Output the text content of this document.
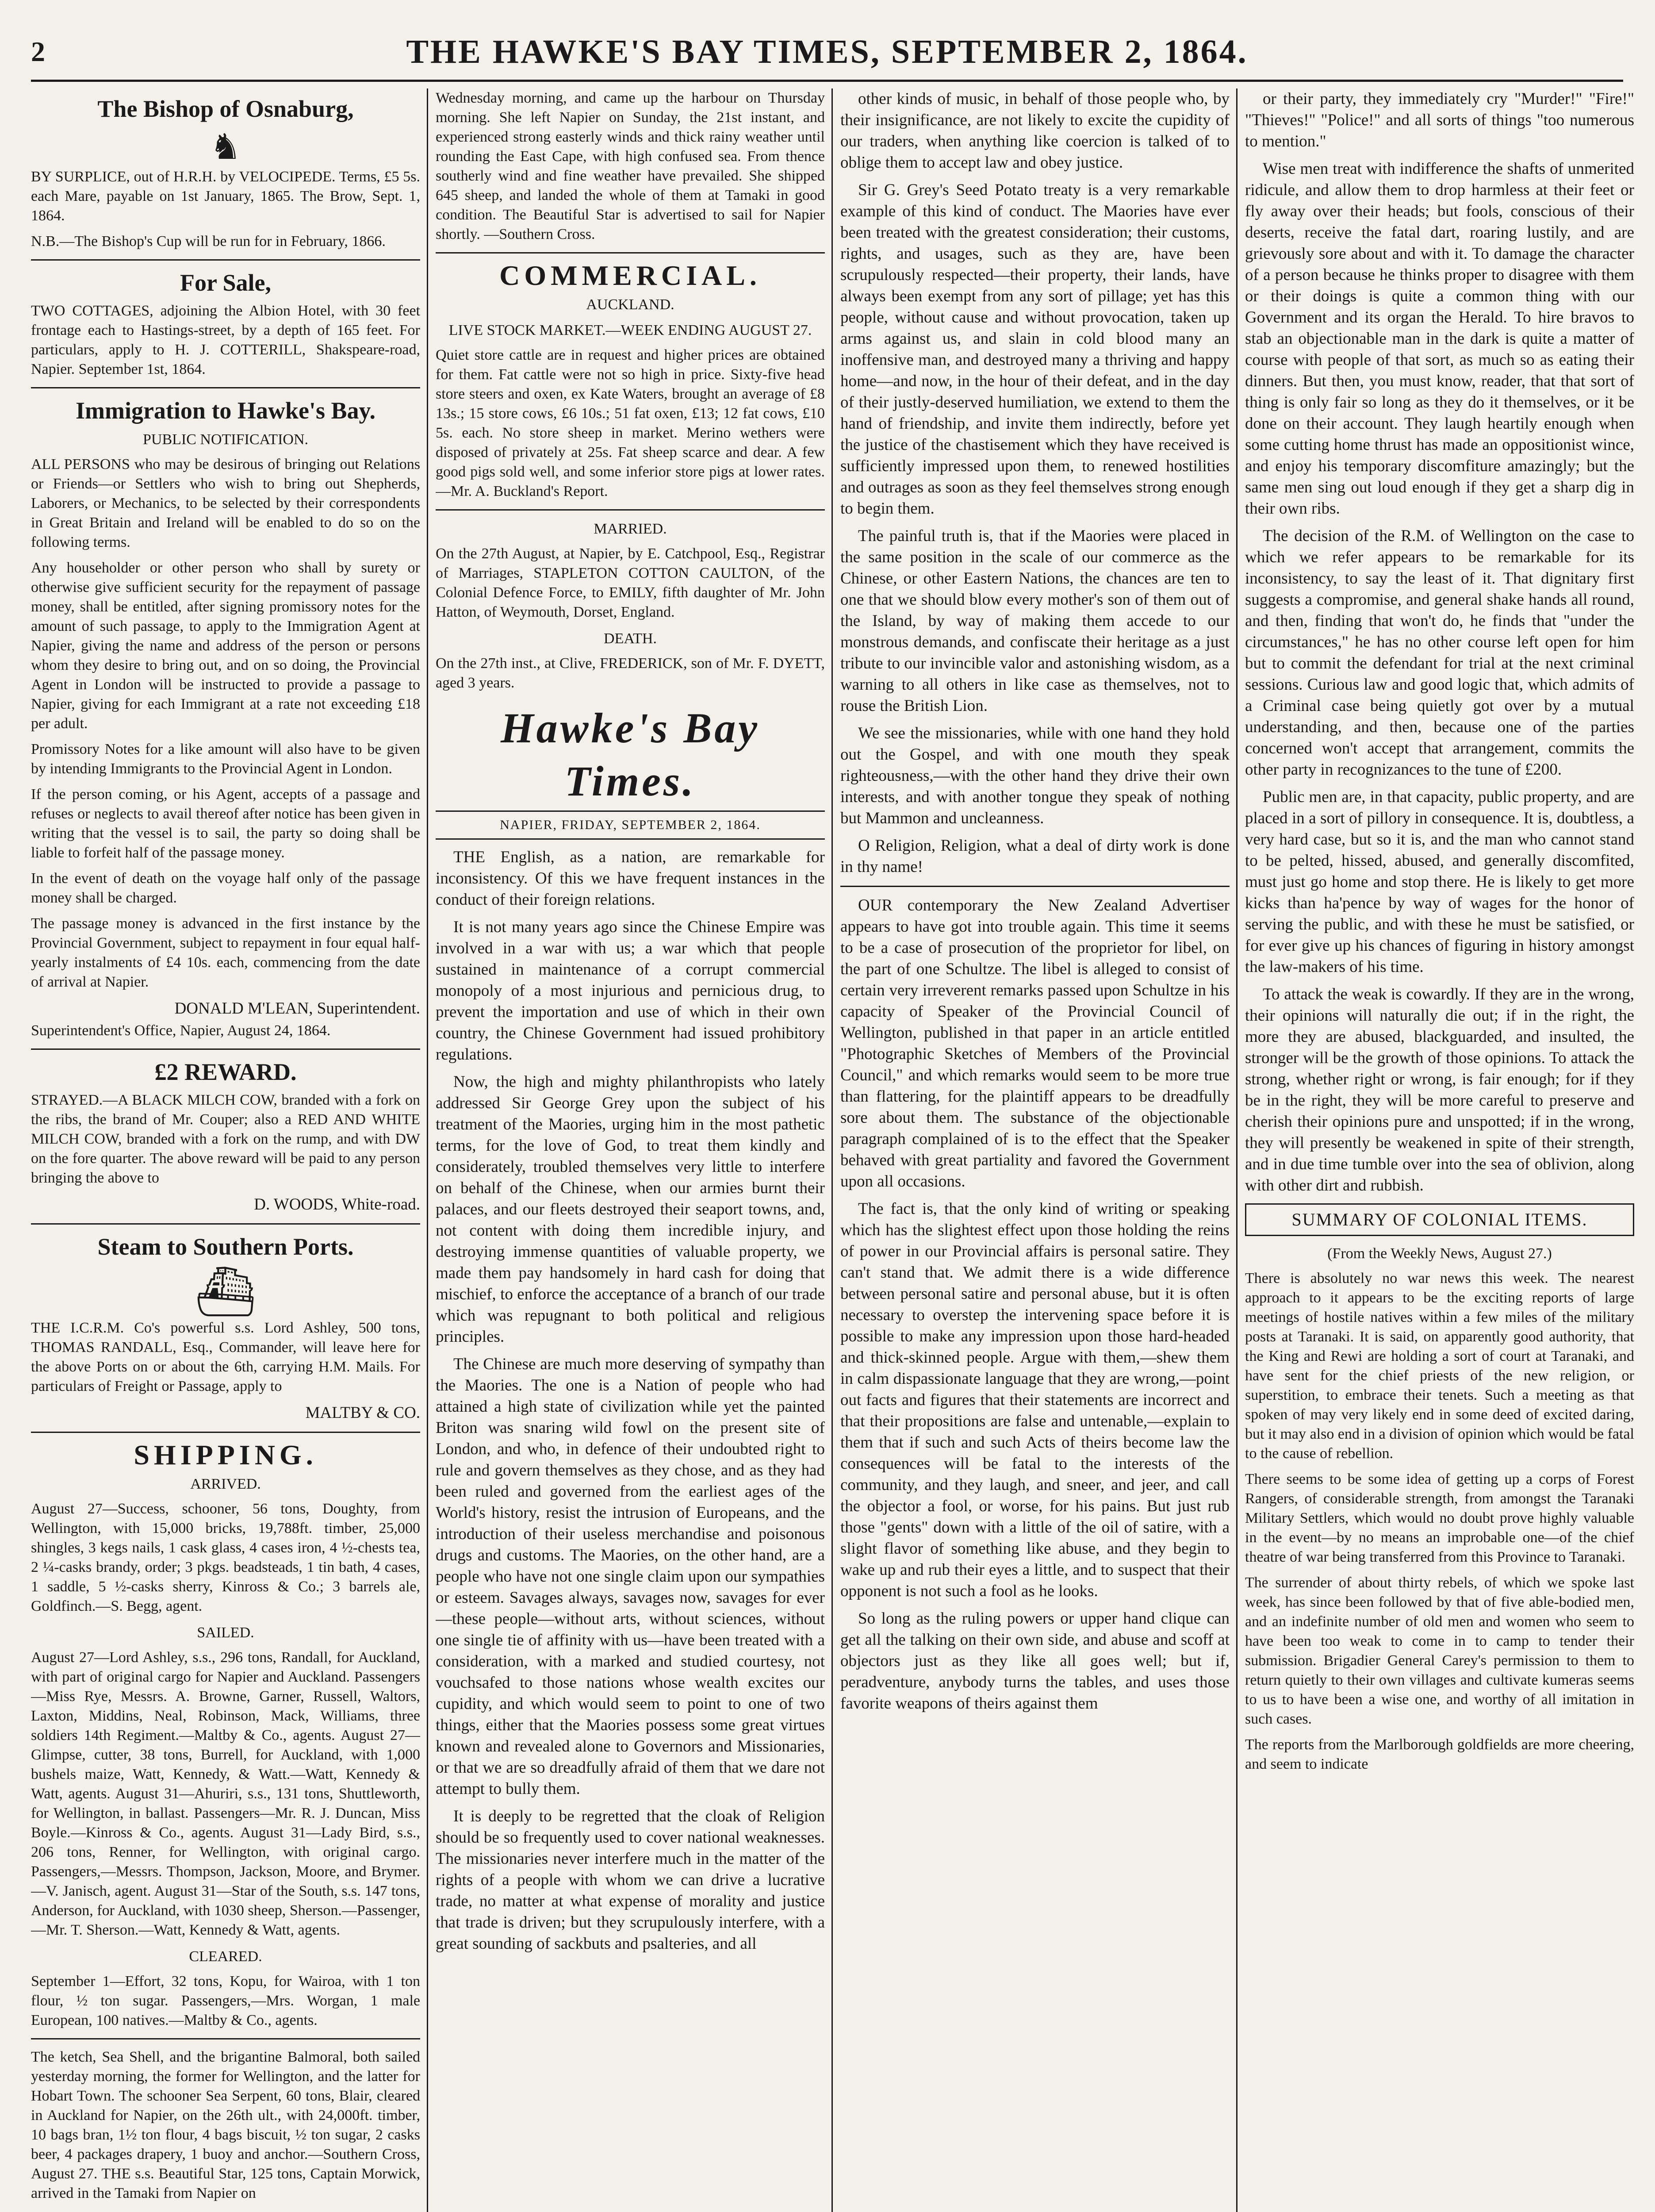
2	THE HAWKE'S BAY TIMES, SEPTEMBER 2, 1864.
The Bishop of Osnaburg,
♞

BY SURPLICE, out of H.R.H. by VELOCIPEDE. Terms, £5 5s. each Mare, payable on 1st January, 1865. The Brow, Sept. 1, 1864.

N.B.—The Bishop's Cup will be run for in February, 1866.

For Sale,

TWO COTTAGES, adjoining the Albion Hotel, with 30 feet frontage each to Hastings-street, by a depth of 165 feet. For particulars, apply to H. J. COTTERILL, Shakspeare-road, Napier. September 1st, 1864.

Immigration to Hawke's Bay.
PUBLIC NOTIFICATION.

ALL PERSONS who may be desirous of bringing out Relations or Friends—or Settlers who wish to bring out Shepherds, Laborers, or Mechanics, to be selected by their correspondents in Great Britain and Ireland will be enabled to do so on the following terms.

Any householder or other person who shall by surety or otherwise give sufficient security for the repayment of passage money, shall be entitled, after signing promissory notes for the amount of such passage, to apply to the Immigration Agent at Napier, giving the name and address of the person or persons whom they desire to bring out, and on so doing, the Provincial Agent in London will be instructed to provide a passage to Napier, giving for each Immigrant at a rate not exceeding £18 per adult.

Promissory Notes for a like amount will also have to be given by intending Immigrants to the Provincial Agent in London.

If the person coming, or his Agent, accepts of a passage and refuses or neglects to avail thereof after notice has been given in writing that the vessel is to sail, the party so doing shall be liable to forfeit half of the passage money.

In the event of death on the voyage half only of the passage money shall be charged.

The passage money is advanced in the first instance by the Provincial Government, subject to repayment in four equal half-yearly instalments of £4 10s. each, commencing from the date of arrival at Napier.

DONALD M'LEAN, Superintendent.

Superintendent's Office, Napier, August 24, 1864.

£2 REWARD.

STRAYED.—A BLACK MILCH COW, branded with a fork on the ribs, the brand of Mr. Couper; also a RED AND WHITE MILCH COW, branded with a fork on the rump, and with DW on the fore quarter. The above reward will be paid to any person bringing the above to

D. WOODS, White-road.
Steam to Southern Ports.
⛴

THE I.C.R.M. Co's powerful s.s. Lord Ashley, 500 tons, THOMAS RANDALL, Esq., Commander, will leave here for the above Ports on or about the 6th, carrying H.M. Mails. For particulars of Freight or Passage, apply to

MALTBY & CO.
SHIPPING.
ARRIVED.

August 27—Success, schooner, 56 tons, Doughty, from Wellington, with 15,000 bricks, 19,788ft. timber, 25,000 shingles, 3 kegs nails, 1 cask glass, 4 cases iron, 4 ½-chests tea, 2 ¼-casks brandy, order; 3 pkgs. beadsteads, 1 tin bath, 4 cases, 1 saddle, 5 ½-casks sherry, Kinross & Co.; 3 barrels ale, Goldfinch.—S. Begg, agent.

SAILED.

August 27—Lord Ashley, s.s., 296 tons, Randall, for Auckland, with part of original cargo for Napier and Auckland. Passengers—Miss Rye, Messrs. A. Browne, Garner, Russell, Waltors, Laxton, Middins, Neal, Robinson, Mack, Williams, three soldiers 14th Regiment.—Maltby & Co., agents. August 27—Glimpse, cutter, 38 tons, Burrell, for Auckland, with 1,000 bushels maize, Watt, Kennedy, & Watt.—Watt, Kennedy & Watt, agents. August 31—Ahuriri, s.s., 131 tons, Shuttleworth, for Wellington, in ballast. Passengers—Mr. R. J. Duncan, Miss Boyle.—Kinross & Co., agents. August 31—Lady Bird, s.s., 206 tons, Renner, for Wellington, with original cargo. Passengers,—Messrs. Thompson, Jackson, Moore, and Brymer.—V. Janisch, agent. August 31—Star of the South, s.s. 147 tons, Anderson, for Auckland, with 1030 sheep, Sherson.—Passenger,—Mr. T. Sherson.—Watt, Kennedy & Watt, agents.

CLEARED.

September 1—Effort, 32 tons, Kopu, for Wairoa, with 1 ton flour, ½ ton sugar. Passengers,—Mrs. Worgan, 1 male European, 100 natives.—Maltby & Co., agents.

The ketch, Sea Shell, and the brigantine Balmoral, both sailed yesterday morning, the former for Wellington, and the latter for Hobart Town. The schooner Sea Serpent, 60 tons, Blair, cleared in Auckland for Napier, on the 26th ult., with 24,000ft. timber, 10 bags bran, 1½ ton flour, 4 bags biscuit, ½ ton sugar, 2 casks beer, 4 packages drapery, 1 buoy and anchor.—Southern Cross, August 27. THE s.s. Beautiful Star, 125 tons, Captain Morwick, arrived in the Tamaki from Napier on

Wednesday morning, and came up the harbour on Thursday morning. She left Napier on Sunday, the 21st instant, and experienced strong easterly winds and thick rainy weather until rounding the East Cape, with high confused sea. From thence southerly wind and fine weather have prevailed. She shipped 645 sheep, and landed the whole of them at Tamaki in good condition. The Beautiful Star is advertised to sail for Napier shortly. —Southern Cross.

COMMERCIAL.
AUCKLAND.
LIVE STOCK MARKET.—WEEK ENDING AUGUST 27.

Quiet store cattle are in request and higher prices are obtained for them. Fat cattle were not so high in price. Sixty-five head store steers and oxen, ex Kate Waters, brought an average of £8 13s.; 15 store cows, £6 10s.; 51 fat oxen, £13; 12 fat cows, £10 5s. each. No store sheep in market. Merino wethers were disposed of privately at 25s. Fat sheep scarce and dear. A few good pigs sold well, and some inferior store pigs at lower rates. —Mr. A. Buckland's Report.

MARRIED.

On the 27th August, at Napier, by E. Catchpool, Esq., Registrar of Marriages, STAPLETON COTTON CAULTON, of the Colonial Defence Force, to EMILY, fifth daughter of Mr. John Hatton, of Weymouth, Dorset, England.

DEATH.

On the 27th inst., at Clive, FREDERICK, son of Mr. F. DYETT, aged 3 years.

Hawke's Bay Times.
NAPIER, FRIDAY, SEPTEMBER 2, 1864.

THE English, as a nation, are remarkable for inconsistency. Of this we have frequent instances in the conduct of their foreign relations.

It is not many years ago since the Chinese Empire was involved in a war with us; a war which that people sustained in maintenance of a corrupt commercial monopoly of a most injurious and pernicious drug, to prevent the importation and use of which in their own country, the Chinese Government had issued prohibitory regulations.

Now, the high and mighty philanthropists who lately addressed Sir George Grey upon the subject of his treatment of the Maories, urging him in the most pathetic terms, for the love of God, to treat them kindly and considerately, troubled themselves very little to interfere on behalf of the Chinese, when our armies burnt their palaces, and our fleets destroyed their seaport towns, and, not content with doing them incredible injury, and destroying immense quantities of valuable property, we made them pay handsomely in hard cash for doing that mischief, to enforce the acceptance of a branch of our trade which was repugnant to both political and religious principles.

The Chinese are much more deserving of sympathy than the Maories. The one is a Nation of people who had attained a high state of civilization while yet the painted Briton was snaring wild fowl on the present site of London, and who, in defence of their undoubted right to rule and govern themselves as they chose, and as they had been ruled and governed from the earliest ages of the World's history, resist the intrusion of Europeans, and the introduction of their useless merchandise and poisonous drugs and customs. The Maories, on the other hand, are a people who have not one single claim upon our sympathies or esteem. Savages always, savages now, savages for ever—these people—without arts, without sciences, without one single tie of affinity with us—have been treated with a consideration, with a marked and studied courtesy, not vouchsafed to those nations whose wealth excites our cupidity, and which would seem to point to one of two things, either that the Maories possess some great virtues known and revealed alone to Governors and Missionaries, or that we are so dreadfully afraid of them that we dare not attempt to bully them.

It is deeply to be regretted that the cloak of Religion should be so frequently used to cover national weaknesses. The missionaries never interfere much in the matter of the rights of a people with whom we can drive a lucrative trade, no matter at what expense of morality and justice that trade is driven; but they scrupulously interfere, with a great sounding of sackbuts and psalteries, and all

other kinds of music, in behalf of those people who, by their insignificance, are not likely to excite the cupidity of our traders, when anything like coercion is talked of to oblige them to accept law and obey justice.

Sir G. Grey's Seed Potato treaty is a very remarkable example of this kind of conduct. The Maories have ever been treated with the greatest consideration; their customs, rights, and usages, such as they are, have been scrupulously respected—their property, their lands, have always been exempt from any sort of pillage; yet has this people, without cause and without provocation, taken up arms against us, and slain in cold blood many an inoffensive man, and destroyed many a thriving and happy home—and now, in the hour of their defeat, and in the day of their justly-deserved humiliation, we extend to them the hand of friendship, and invite them indirectly, before yet the justice of the chastisement which they have received is sufficiently impressed upon them, to renewed hostilities and outrages as soon as they feel themselves strong enough to begin them.

The painful truth is, that if the Maories were placed in the same position in the scale of our commerce as the Chinese, or other Eastern Nations, the chances are ten to one that we should blow every mother's son of them out of the Island, by way of making them accede to our monstrous demands, and confiscate their heritage as a just tribute to our invincible valor and astonishing wisdom, as a warning to all others in like case as themselves, not to rouse the British Lion.

We see the missionaries, while with one hand they hold out the Gospel, and with one mouth they speak righteousness,—with the other hand they drive their own interests, and with another tongue they speak of nothing but Mammon and uncleanness.

O Religion, Religion, what a deal of dirty work is done in thy name!

OUR contemporary the New Zealand Advertiser appears to have got into trouble again. This time it seems to be a case of prosecution of the proprietor for libel, on the part of one Schultze. The libel is alleged to consist of certain very irreverent remarks passed upon Schultze in his capacity of Speaker of the Provincial Council of Wellington, published in that paper in an article entitled "Photographic Sketches of Members of the Provincial Council," and which remarks would seem to be more true than flattering, for the plaintiff appears to be dreadfully sore about them. The substance of the objectionable paragraph complained of is to the effect that the Speaker behaved with great partiality and favored the Government upon all occasions.

The fact is, that the only kind of writing or speaking which has the slightest effect upon those holding the reins of power in our Provincial affairs is personal satire. They can't stand that. We admit there is a wide difference between personal satire and personal abuse, but it is often necessary to overstep the intervening space before it is possible to make any impression upon those hard-headed and thick-skinned people. Argue with them,—shew them in calm dispassionate language that they are wrong,—point out facts and figures that their statements are incorrect and that their propositions are false and untenable,—explain to them that if such and such Acts of theirs become law the consequences will be fatal to the interests of the community, and they laugh, and sneer, and jeer, and call the objector a fool, or worse, for his pains. But just rub those "gents" down with a little of the oil of satire, with a slight flavor of something like abuse, and they begin to wake up and rub their eyes a little, and to suspect that their opponent is not such a fool as he looks.

So long as the ruling powers or upper hand clique can get all the talking on their own side, and abuse and scoff at objectors just as they like all goes well; but if, peradventure, anybody turns the tables, and uses those favorite weapons of theirs against them

or their party, they immediately cry "Murder!" "Fire!" "Thieves!" "Police!" and all sorts of things "too numerous to mention."

Wise men treat with indifference the shafts of unmerited ridicule, and allow them to drop harmless at their feet or fly away over their heads; but fools, conscious of their deserts, receive the fatal dart, roaring lustily, and are grievously sore about and with it. To damage the character of a person because he thinks proper to disagree with them or their doings is quite a common thing with our Government and its organ the Herald. To hire bravos to stab an objectionable man in the dark is quite a matter of course with people of that sort, as much so as eating their dinners. But then, you must know, reader, that that sort of thing is only fair so long as they do it themselves, or it be done on their account. They laugh heartily enough when some cutting home thrust has made an oppositionist wince, and enjoy his temporary discomfiture amazingly; but the same men sing out loud enough if they get a sharp dig in their own ribs.

The decision of the R.M. of Wellington on the case to which we refer appears to be remarkable for its inconsistency, to say the least of it. That dignitary first suggests a compromise, and general shake hands all round, and then, finding that won't do, he finds that "under the circumstances," he has no other course left open for him but to commit the defendant for trial at the next criminal sessions. Curious law and good logic that, which admits of a Criminal case being quietly got over by a mutual understanding, and then, because one of the parties concerned won't accept that arrangement, commits the other party in recognizances to the tune of £200.

Public men are, in that capacity, public property, and are placed in a sort of pillory in consequence. It is, doubtless, a very hard case, but so it is, and the man who cannot stand to be pelted, hissed, abused, and generally discomfited, must just go home and stop there. He is likely to get more kicks than ha'pence by way of wages for the honor of serving the public, and with these he must be satisfied, or for ever give up his chances of figuring in history amongst the law-makers of his time.

To attack the weak is cowardly. If they are in the wrong, their opinions will naturally die out; if in the right, the more they are abused, blackguarded, and insulted, the stronger will be the growth of those opinions. To attack the strong, whether right or wrong, is fair enough; for if they be in the right, they will be more careful to preserve and cherish their opinions pure and unspotted; if in the wrong, they will presently be weakened in spite of their strength, and in due time tumble over into the sea of oblivion, along with other dirt and rubbish.

SUMMARY OF COLONIAL ITEMS.
(From the Weekly News, August 27.)

There is absolutely no war news this week. The nearest approach to it appears to be the exciting reports of large meetings of hostile natives within a few miles of the military posts at Taranaki. It is said, on apparently good authority, that the King and Rewi are holding a sort of court at Taranaki, and have sent for the chief priests of the new religion, or superstition, to embrace their tenets. Such a meeting as that spoken of may very likely end in some deed of excited daring, but it may also end in a division of opinion which would be fatal to the cause of rebellion.

There seems to be some idea of getting up a corps of Forest Rangers, of considerable strength, from amongst the Taranaki Military Settlers, which would no doubt prove highly valuable in the event—by no means an improbable one—of the chief theatre of war being transferred from this Province to Taranaki.

The surrender of about thirty rebels, of which we spoke last week, has since been followed by that of five able-bodied men, and an indefinite number of old men and women who seem to have been too weak to come in to camp to tender their submission. Brigadier General Carey's permission to them to return quietly to their own villages and cultivate kumeras seems to us to have been a wise one, and worthy of all imitation in such cases.

The reports from the Marlborough goldfields are more cheering, and seem to indicate
